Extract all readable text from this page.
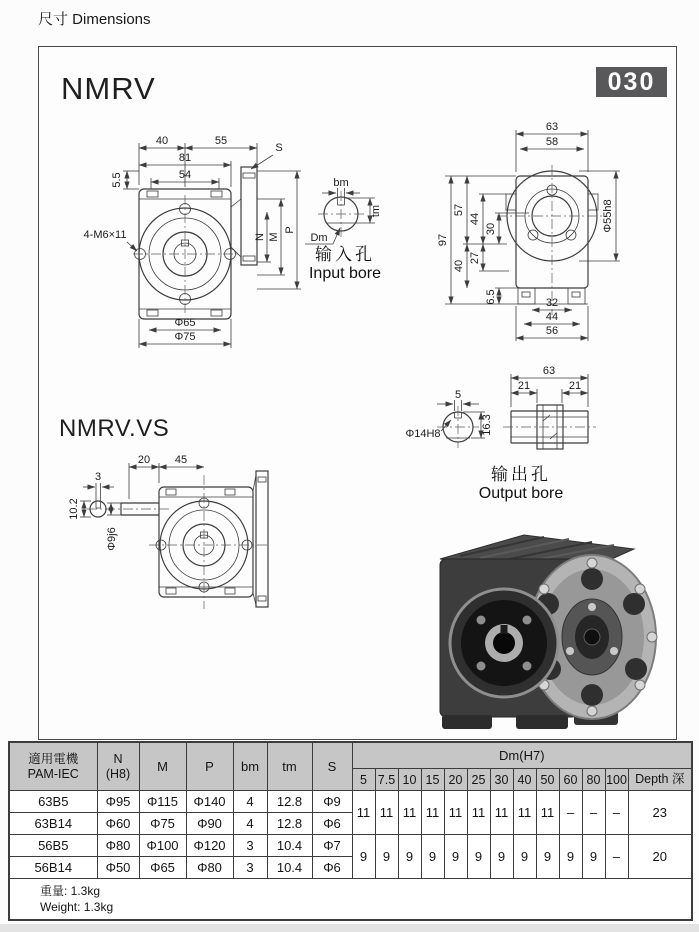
尺寸 Dimensions
NMRV	030
NMRV.VS
40	55
81
54
5.5
S
N M
P
Dm
4-M6×11
Φ65
Φ75
bm
tm
63
58
97
57
44
30
40
27
6.5
Φ55h8
32
44
56
5
Φ14H8	16.3
63
21	21
3
10.2
Φ9j6
20 45
输入孔
Input bore
输出孔
Output bore
適用電機
PAM-IEC

N
(H8)	M	P	bm	tm	S	Dm(H7)
							5	7.5	10	15	20	25	30	40	50	60	80	100	Depth 深
63B5	Φ95	Φ115	Φ140	4	12.8	Φ9	11	11	11	11	11	11	11	11	11	–	–	–	23
63B14	Φ60	Φ75	Φ90	4	12.8	Φ6													
56B5	Φ80	Φ100	Φ120	3	10.4	Φ7	9	9	9	9	9	9	9	9	9	9	9	–	20
56B14	Φ50	Φ65	Φ80	3	10.4	Φ6													

重量: 1.3kg
Weight: 1.3kg																			
